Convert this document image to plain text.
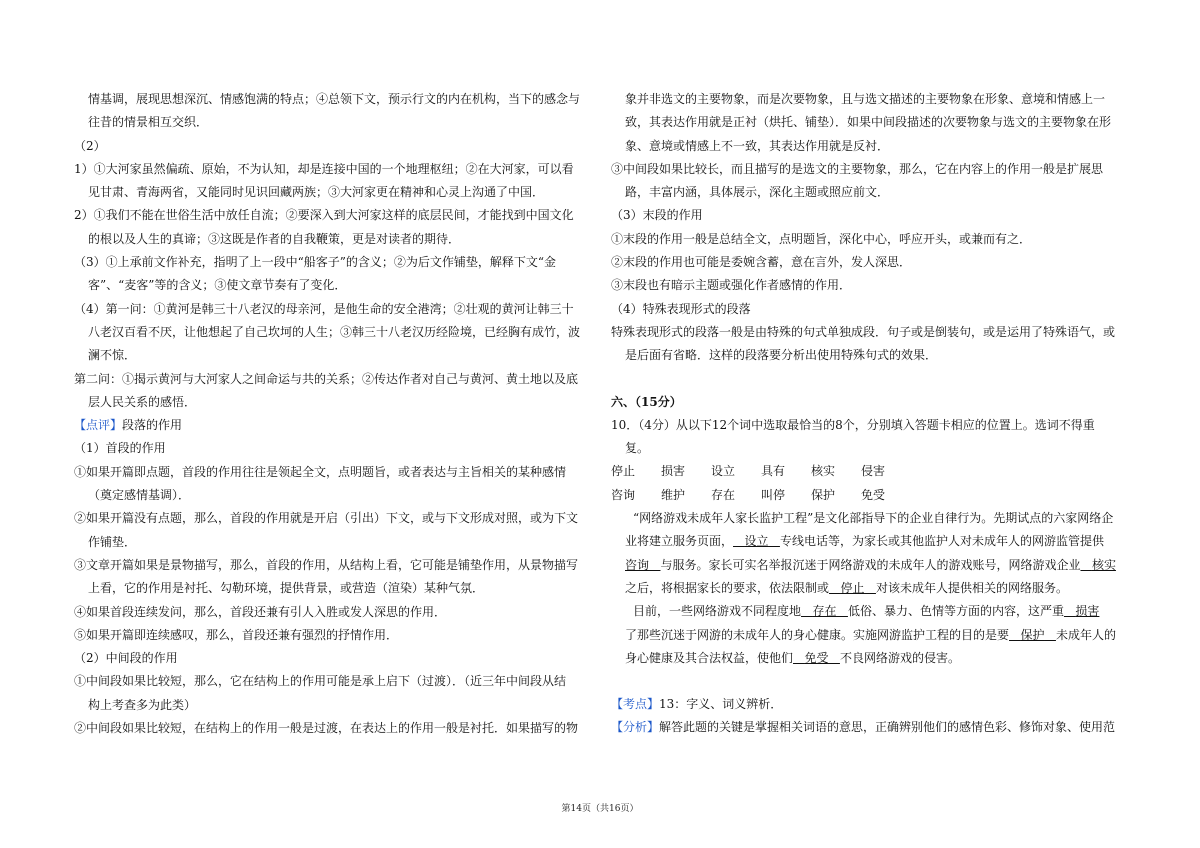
情基调，展现思想深沉、情感饱满的特点；④总领下文，预示行文的内在机构，当下的感念与

往昔的情景相互交织．

（2）

1）①大河家虽然偏疏、原始，不为认知，却是连接中国的一个地理枢纽；②在大河家，可以看

见甘肃、青海两省，又能同时见识回藏两族；③大河家更在精神和心灵上沟通了中国．

2）①我们不能在世俗生活中放任自流；②要深入到大河家这样的底层民间，才能找到中国文化

的根以及人生的真谛；③这既是作者的自我鞭策，更是对读者的期待．

（3）①上承前文作补充，指明了上一段中“船客子”的含义；②为后文作铺垫，解释下文“金

客”、“麦客”等的含义；③使文章节奏有了变化．

（4）第一问：①黄河是韩三十八老汉的母亲河，是他生命的安全港湾；②壮观的黄河让韩三十

八老汉百看不厌，让他想起了自己坎坷的人生；③韩三十八老汉历经险境，已经胸有成竹，波

澜不惊．

第二问：①揭示黄河与大河家人之间命运与共的关系；②传达作者对自己与黄河、黄土地以及底

层人民关系的感悟．

【点评】段落的作用

（1）首段的作用

①如果开篇即点题，首段的作用往往是领起全文，点明题旨，或者表达与主旨相关的某种感情

（奠定感情基调）．

②如果开篇没有点题，那么，首段的作用就是开启（引出）下文，或与下文形成对照，或为下文

作铺垫．

③文章开篇如果是景物描写，那么，首段的作用，从结构上看，它可能是铺垫作用，从景物描写

上看，它的作用是衬托、勾勒环境，提供背景，或营造（渲染）某种气氛．

④如果首段连续发问，那么，首段还兼有引人入胜或发人深思的作用．

⑤如果开篇即连续感叹，那么，首段还兼有强烈的抒情作用．

（2）中间段的作用

①中间段如果比较短，那么，它在结构上的作用可能是承上启下（过渡）．（近三年中间段从结

构上考查多为此类）

②中间段如果比较短，在结构上的作用一般是过渡，在表达上的作用一般是衬托．如果描写的物

象并非选文的主要物象，而是次要物象，且与选文描述的主要物象在形象、意境和情感上一

致，其表达作用就是正衬（烘托、铺垫）．如果中间段描述的次要物象与选文的主要物象在形

象、意境或情感上不一致，其表达作用就是反衬．

③中间段如果比较长，而且描写的是选文的主要物象，那么，它在内容上的作用一般是扩展思

路，丰富内涵，具体展示，深化主题或照应前文．

（3）末段的作用

①末段的作用一般是总结全文，点明题旨，深化中心，呼应开头，或兼而有之．

②末段的作用也可能是委婉含蓄，意在言外，发人深思．

③末段也有暗示主题或强化作者感情的作用．

（4）特殊表现形式的段落

特殊表现形式的段落一般是由特殊的句式单独成段．句子或是倒装句，或是运用了特殊语气，或

是后面有省略．这样的段落要分析出使用特殊句式的效果．

六、（15分）

10．（4分）从以下12个词中选取最恰当的8个，分别填入答题卡相应的位置上。选词不得重

复。

停止	损害	设立	具有	核实	侵害
咨询	维护	存在	叫停	保护	免受

“网络游戏未成年人家长监护工程”是文化部指导下的企业自律行为。先期试点的六家网络企

业将建立服务页面， 设立 专线电话等，为家长或其他监护人对未成年人的网游监管提供

咨询 与服务。家长可实名举报沉迷于网络游戏的未成年人的游戏账号，网络游戏企业 核实

之后，将根据家长的要求，依法限制或 停止 对该未成年人提供相关的网络服务。

目前，一些网络游戏不同程度地 存在 低俗、暴力、色情等方面的内容，这严重 损害

了那些沉迷于网游的未成年人的身心健康。实施网游监护工程的目的是要 保护 未成年人的

身心健康及其合法权益，使他们 免受 不良网络游戏的侵害。

【考点】13：字义、词义辨析．

【分析】解答此题的关键是掌握相关词语的意思，正确辨别他们的感情色彩、修饰对象、使用范

第14页（共16页）
